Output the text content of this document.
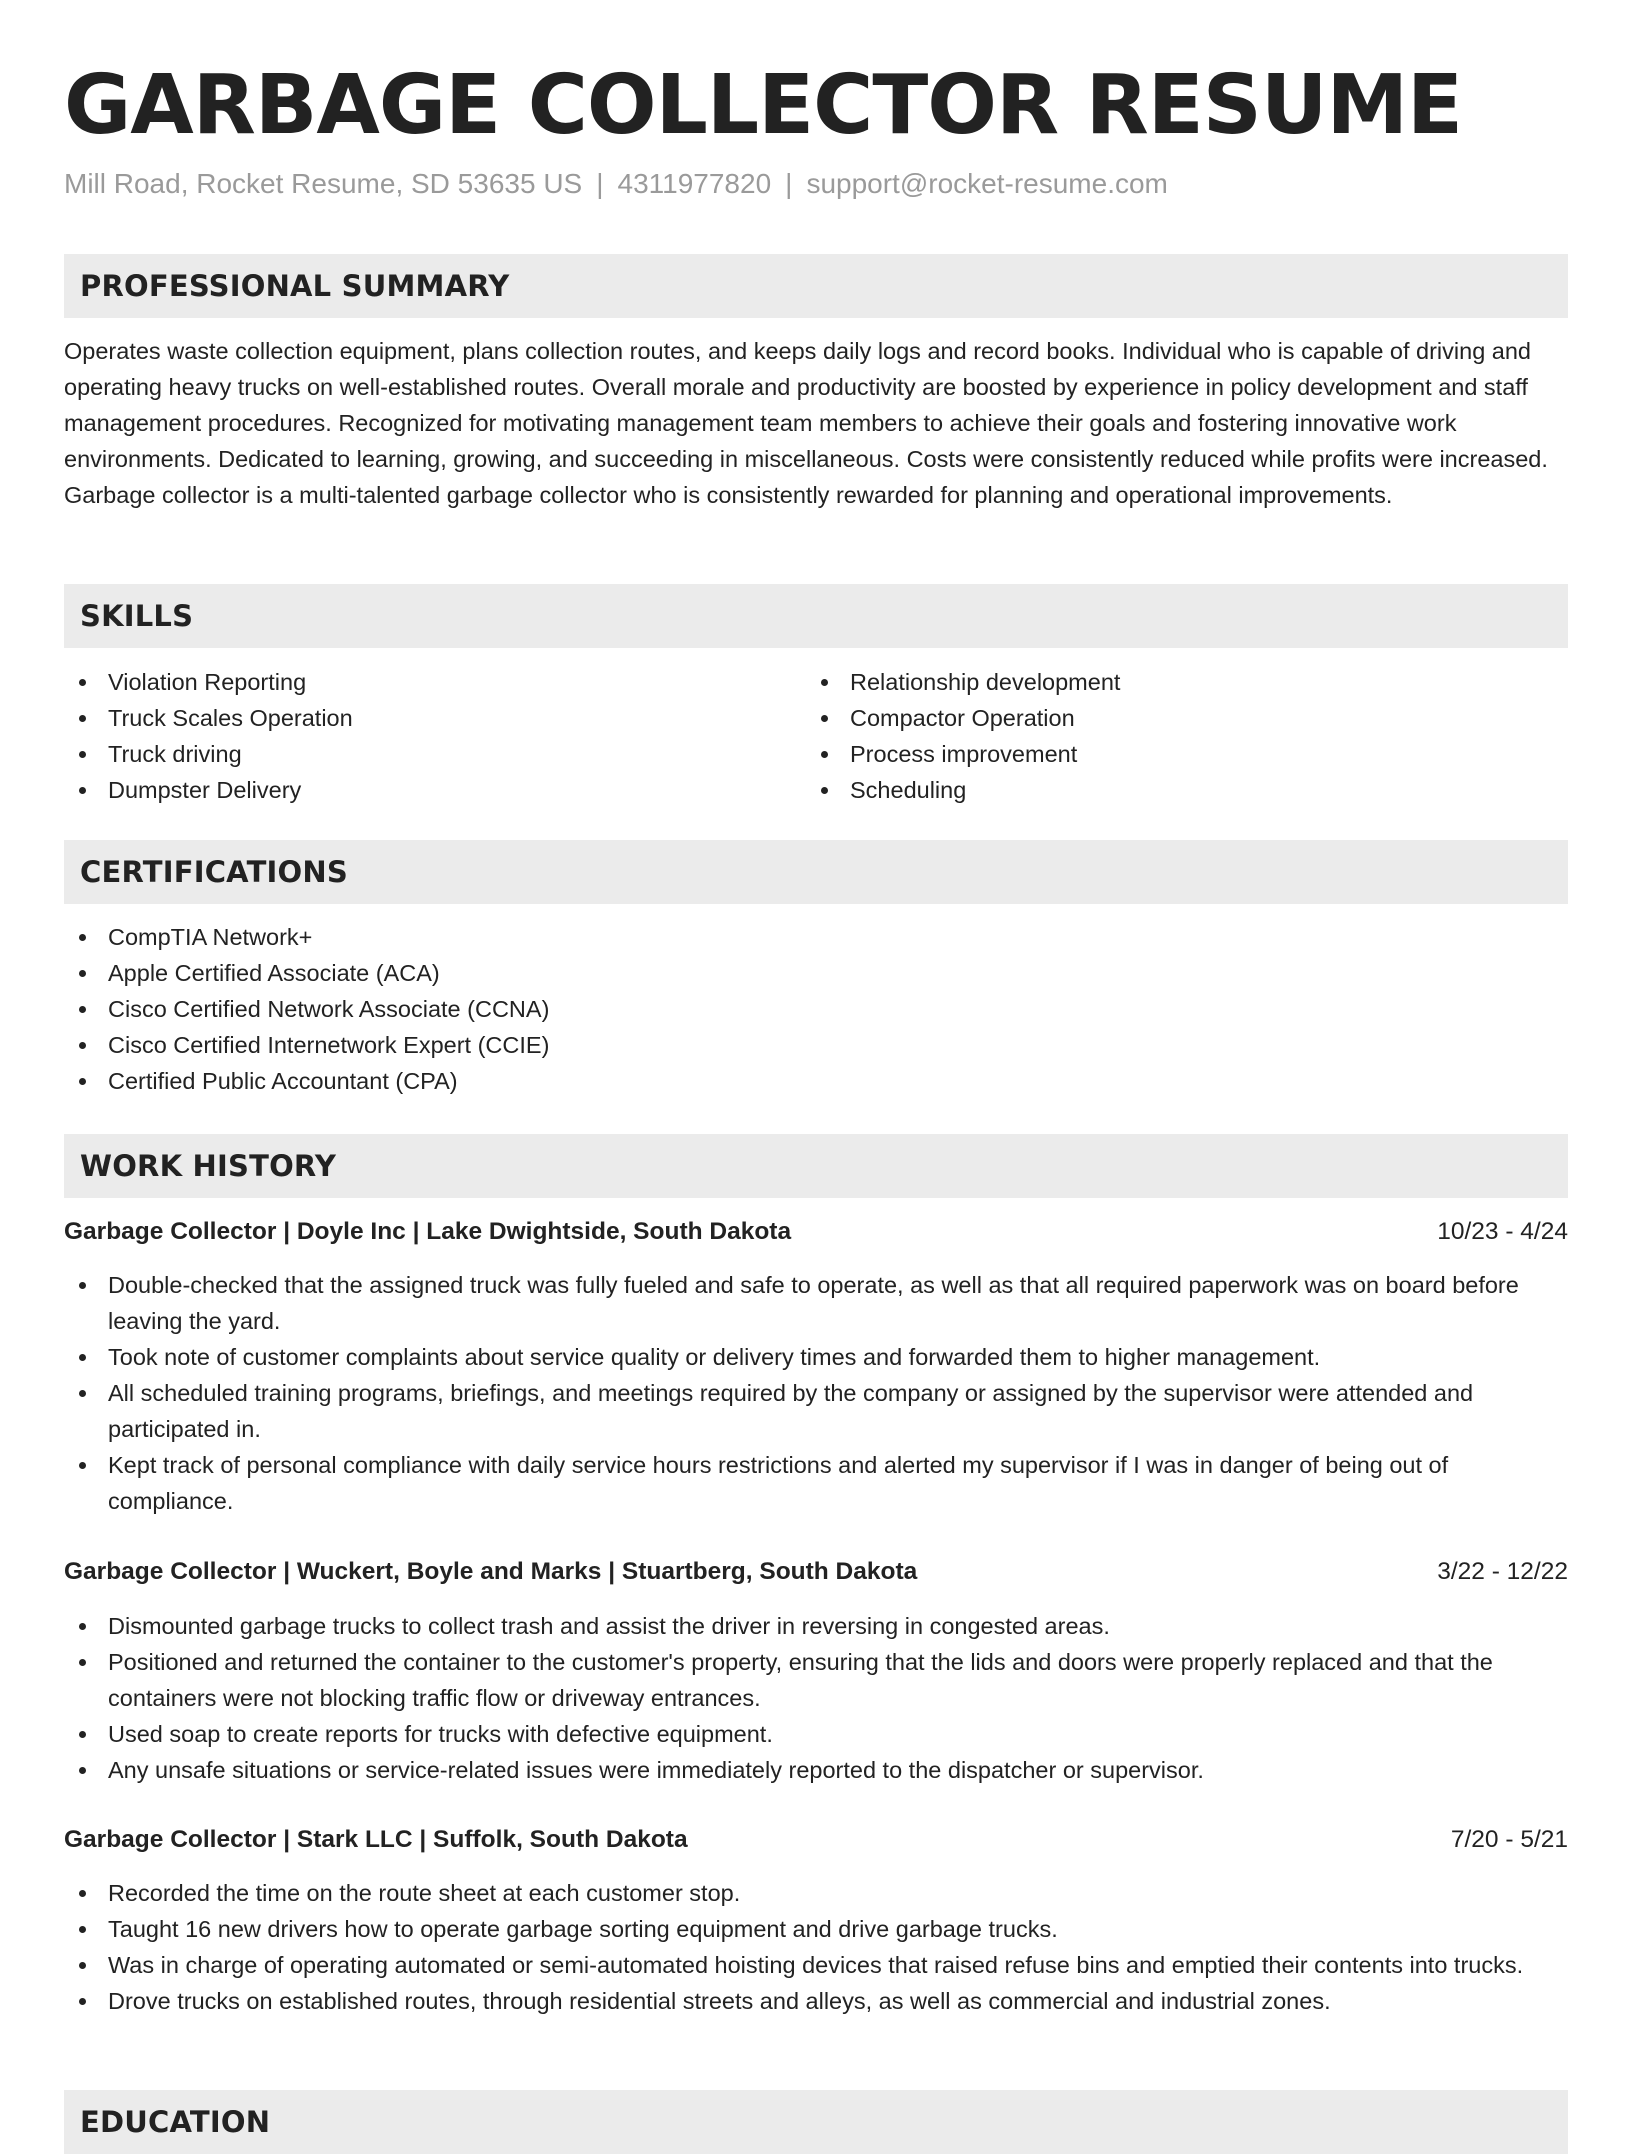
GARBAGE COLLECTOR RESUME
Mill Road, Rocket Resume, SD 53635 US | 4311977820 | support@rocket-resume.com
PROFESSIONAL SUMMARY

Operates waste collection equipment, plans collection routes, and keeps daily logs and record books. Individual who is capable of driving and operating heavy trucks on well-established routes. Overall morale and productivity are boosted by experience in policy development and staff management procedures. Recognized for motivating management team members to achieve their goals and fostering innovative work environments. Dedicated to learning, growing, and succeeding in miscellaneous. Costs were consistently reduced while profits were increased. Garbage collector is a multi-talented garbage collector who is consistently rewarded for planning and operational improvements.

SKILLS
Violation Reporting
Truck Scales Operation
Truck driving
Dumpster Delivery
Relationship development
Compactor Operation
Process improvement
Scheduling
CERTIFICATIONS
CompTIA Network+
Apple Certified Associate (ACA)
Cisco Certified Network Associate (CCNA)
Cisco Certified Internetwork Expert (CCIE)
Certified Public Accountant (CPA)
WORK HISTORY
Garbage Collector | Doyle Inc | Lake Dwightside, South Dakota	10/23 - 4/24
Double-checked that the assigned truck was fully fueled and safe to operate, as well as that all required paperwork was on board before leaving the yard.
Took note of customer complaints about service quality or delivery times and forwarded them to higher management.
All scheduled training programs, briefings, and meetings required by the company or assigned by the supervisor were attended and participated in.
Kept track of personal compliance with daily service hours restrictions and alerted my supervisor if I was in danger of being out of compliance.
Garbage Collector | Wuckert, Boyle and Marks | Stuartberg, South Dakota	3/22 - 12/22
Dismounted garbage trucks to collect trash and assist the driver in reversing in congested areas.
Positioned and returned the container to the customer's property, ensuring that the lids and doors were properly replaced and that the containers were not blocking traffic flow or driveway entrances.
Used soap to create reports for trucks with defective equipment.
Any unsafe situations or service-related issues were immediately reported to the dispatcher or supervisor.
Garbage Collector | Stark LLC | Suffolk, South Dakota	7/20 - 5/21
Recorded the time on the route sheet at each customer stop.
Taught 16 new drivers how to operate garbage sorting equipment and drive garbage trucks.
Was in charge of operating automated or semi-automated hoisting devices that raised refuse bins and emptied their contents into trucks.
Drove trucks on established routes, through residential streets and alleys, as well as commercial and industrial zones.
EDUCATION
